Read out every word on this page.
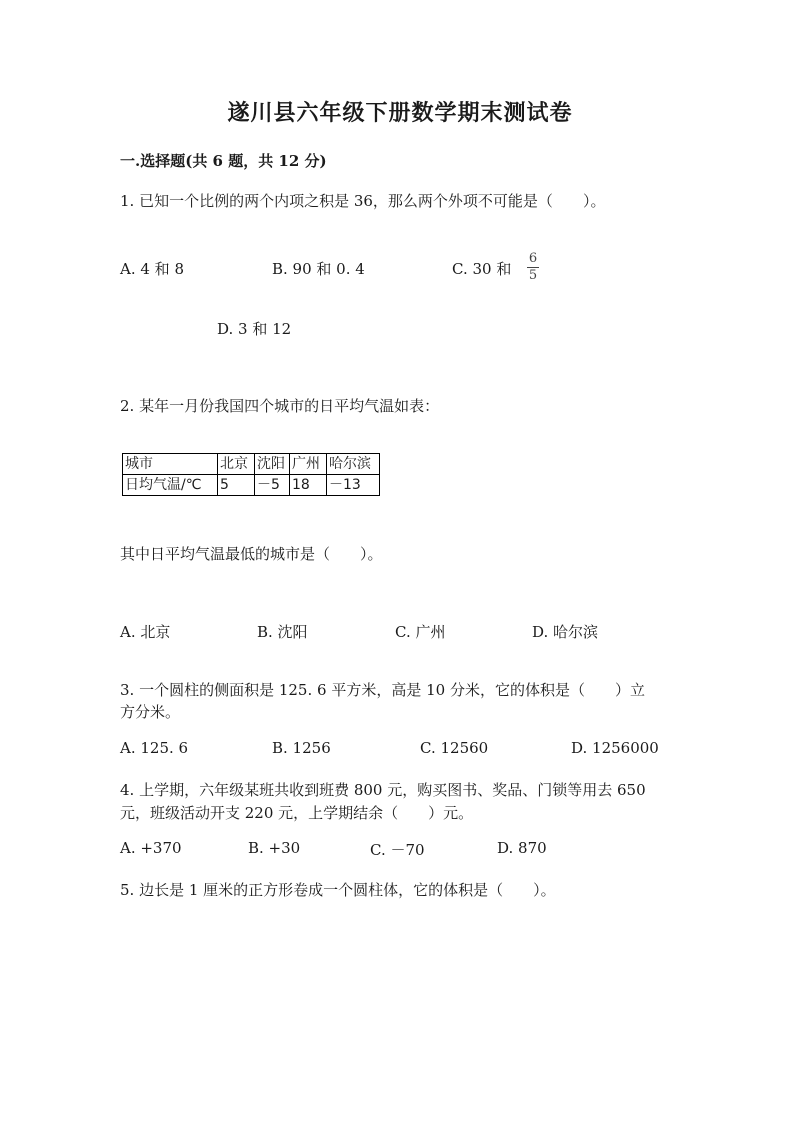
遂川县六年级下册数学期末测试卷
一.选择题(共 6 题，共 12 分)
1. 已知一个比例的两个内项之积是 36，那么两个外项不可能是（　　）。
A. 4 和 8	B. 90 和 0. 4	C. 30 和
6
5
D. 3 和 12
2. 某年一月份我国四个城市的日平均气温如表：
城市	北京	沈阳	广州	哈尔滨
日均气温/℃	5	－5	18	－13
其中日平均气温最低的城市是（　　）。
A. 北京	B. 沈阳	C. 广州	D. 哈尔滨
3. 一个圆柱的侧面积是 125. 6 平方米，高是 10 分米，它的体积是（　　）立
方分米。
A. 125. 6	B. 1256	C. 12560	D. 1256000
4. 上学期，六年级某班共收到班费 800 元，购买图书、奖品、门锁等用去 650
元，班级活动开支 220 元，上学期结余（　　）元。
A. +370	B. +30	C. －70	D. 870
5. 边长是 1 厘米的正方形卷成一个圆柱体，它的体积是（　　）。
